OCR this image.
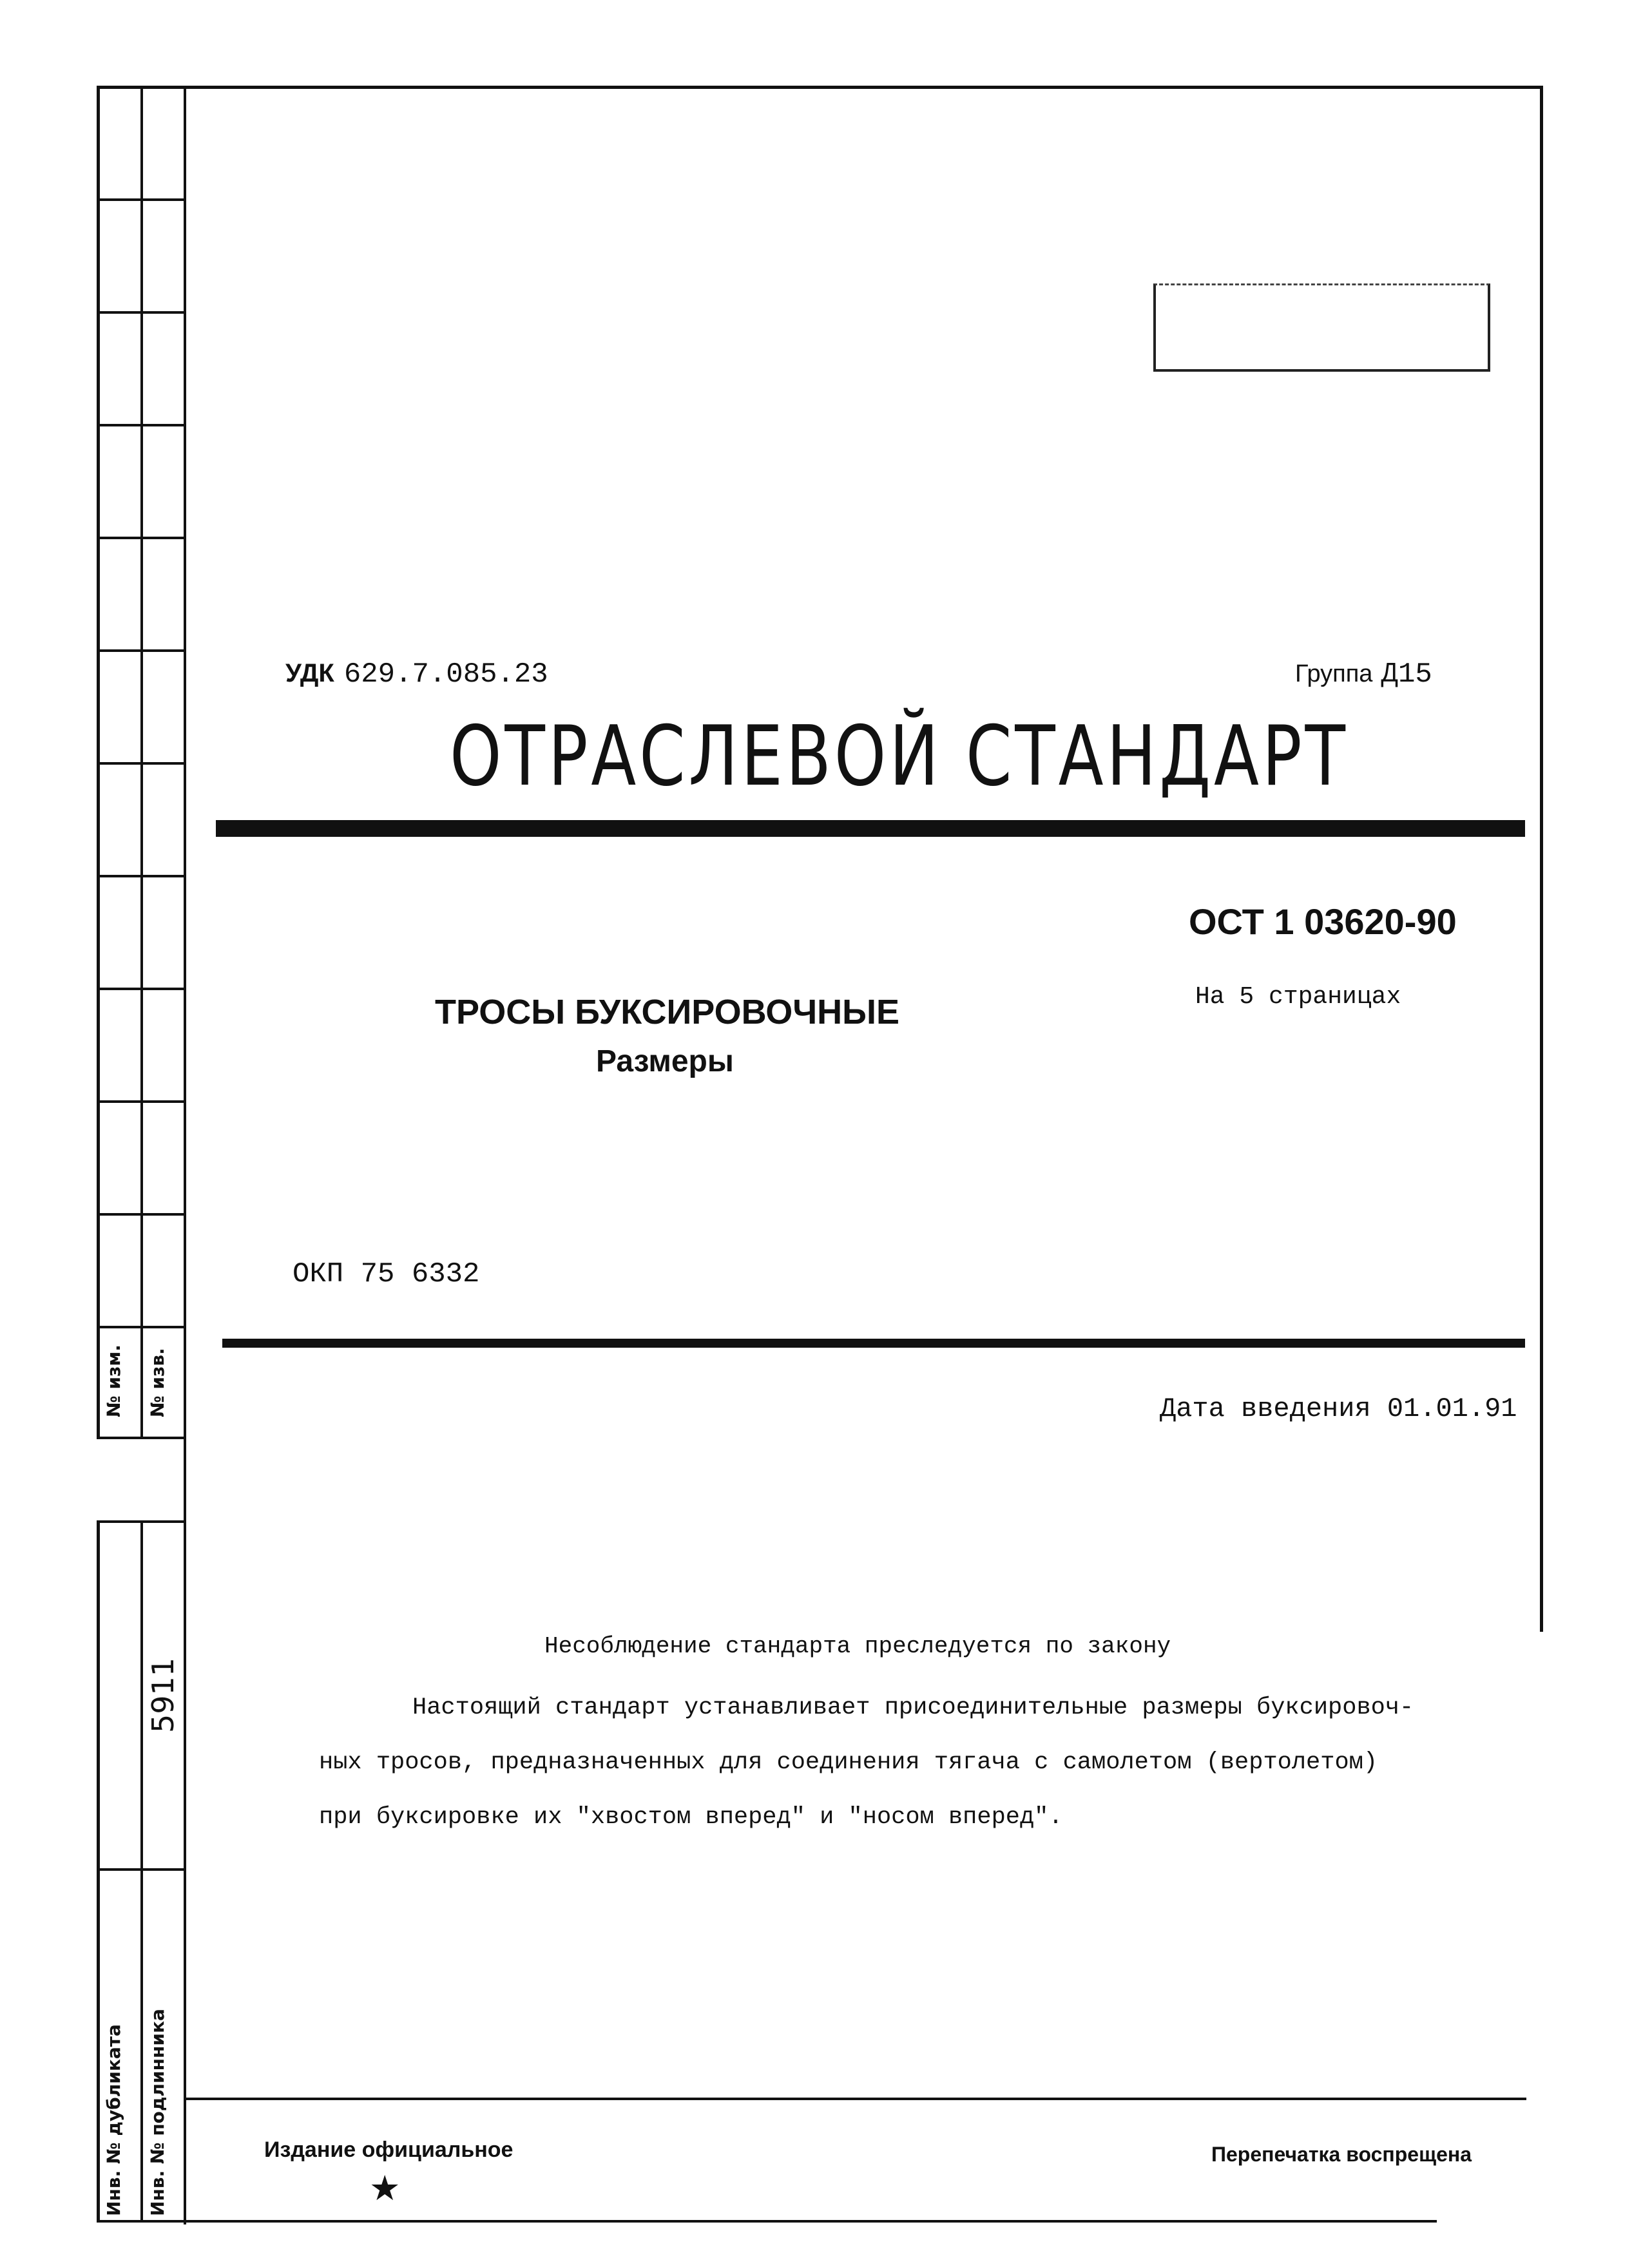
№ изм. № изв.
5911
Инв. № дубликата Инв. № подлинника
УДК 629.7.085.23	Группа Д15
ОТРАСЛЕВОЙ СТАНДАРТ
ОСТ 1 03620-90
На 5 страницах
ТРОСЫ БУКСИРОВОЧНЫЕ
Размеры
ОКП 75 6332
Дата введения 01.01.91
Несоблюдение стандарта преследуется по закону
Настоящий стандарт устанавливает присоединительные размеры буксировоч-
ных тросов, предназначенных для соединения тягача с самолетом (вертолетом)
при буксировке их ″хвостом вперед″ и ″носом вперед″.
Издание официальное
★
Перепечатка воспрещена
